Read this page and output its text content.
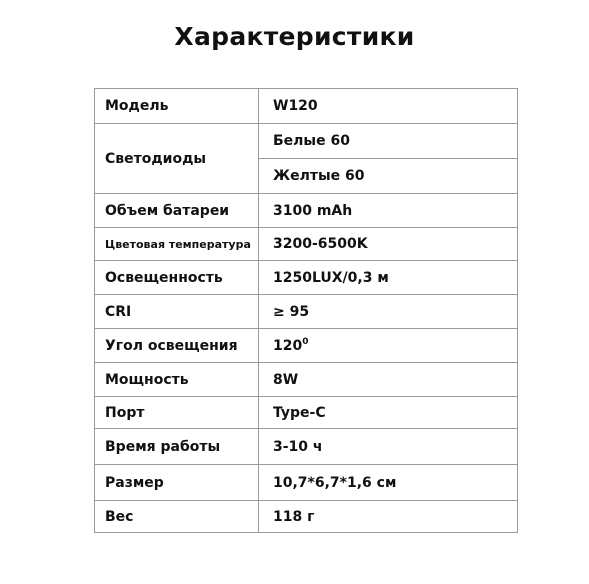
Характеристики
Модель	W120
Светодиоды	Белые 60
	Желтые 60
Объем батареи	3100 mAh
Цветовая температура	3200-6500K
Освещенность	1250LUX/0,3 м
CRI	≥ 95
Угол освещения	$120^0$
Мощность	8W
Порт	Type-C
Время работы	3-10 ч
Размер	10,7*6,7*1,6 см
Вес	118 г
